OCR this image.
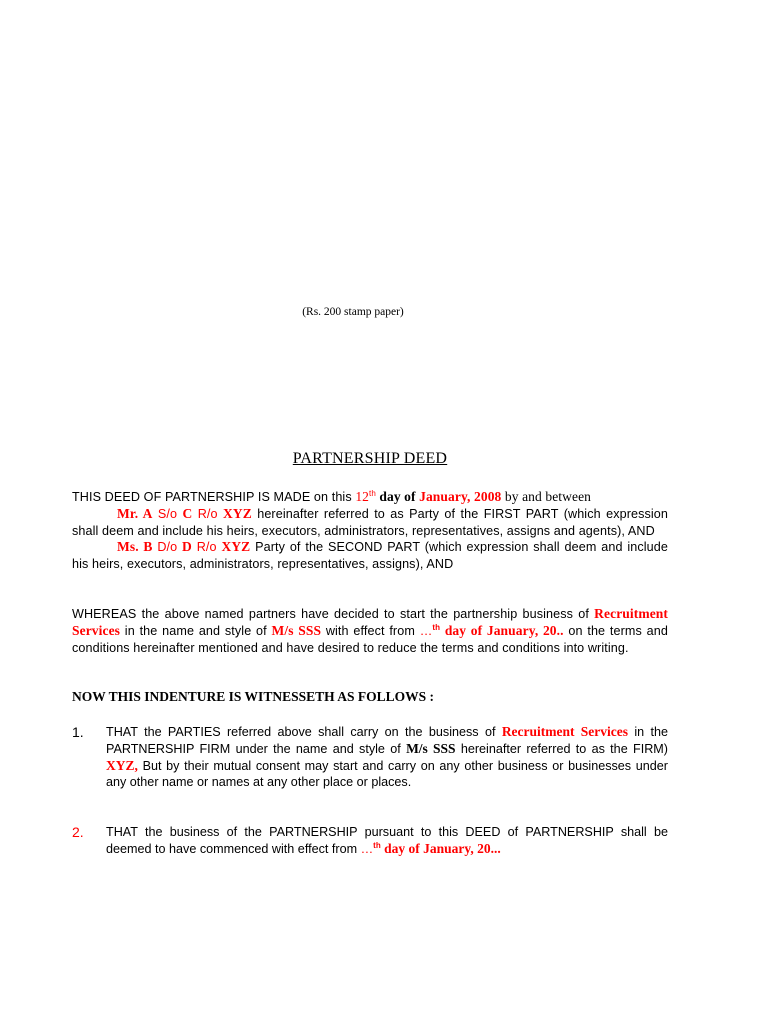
(Rs. 200 stamp paper)
PARTNERSHIP DEED
THIS DEED OF PARTNERSHIP IS MADE on this 12th day of January, 2008 by and between
Mr. A S/o C R/o XYZ hereinafter referred to as Party of the FIRST PART (which expression shall deem and include his heirs, executors, administrators, representatives, assigns and agents), AND
Ms. B D/o D R/o XYZ Party of the SECOND PART (which expression shall deem and include his heirs, executors, administrators, representatives, assigns), AND
WHEREAS the above named partners have decided to start the partnership business of Recruitment Services in the name and style of M/s SSS with effect from …$^{th}$ day of January, 20.. on the terms and conditions hereinafter mentioned and have desired to reduce the terms and conditions into writing.
NOW THIS INDENTURE IS WITNESSETH AS FOLLOWS :
1. THAT the PARTIES referred above shall carry on the business of Recruitment Services in the PARTNERSHIP FIRM under the name and style of M/s SSS hereinafter referred to as the FIRM) XYZ, But by their mutual consent may start and carry on any other business or businesses under any other name or names at any other place or places.
2. THAT the business of the PARTNERSHIP pursuant to this DEED of PARTNERSHIP shall be deemed to have commenced with effect from …$^{th}$ day of January, 20...
